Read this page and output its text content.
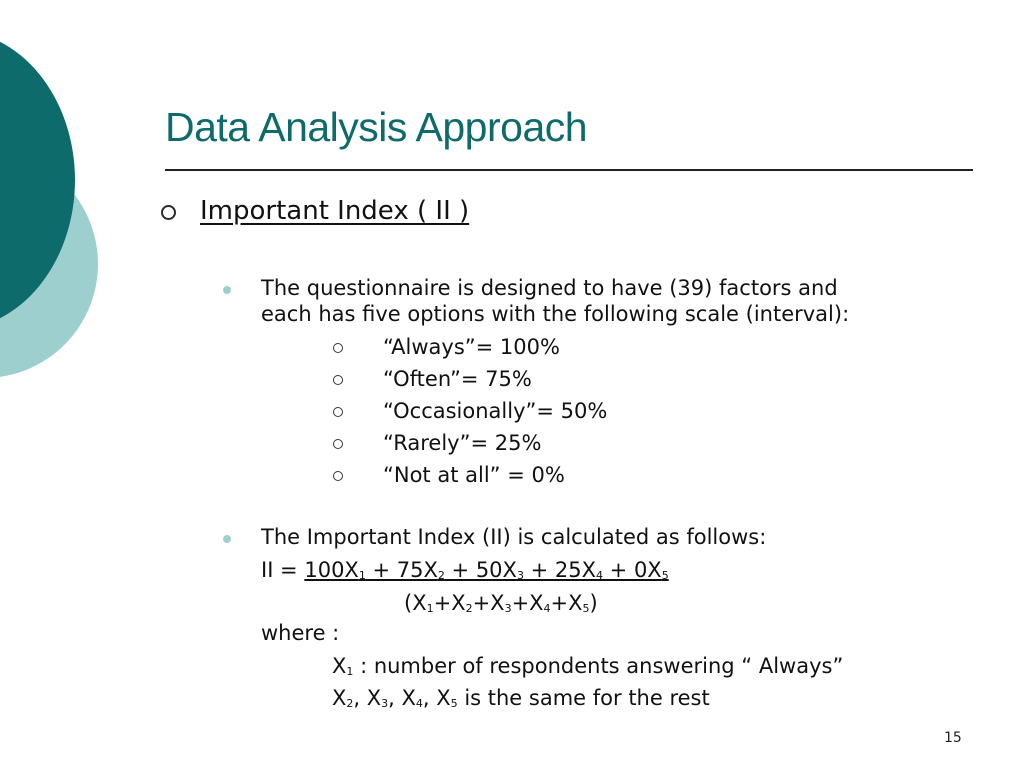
Data Analysis Approach
Important Index ( II )
The questionnaire is designed to have (39) factors and
each has five options with the following scale (interval):
“Always”= 100%
“Often”= 75%
“Occasionally”= 50%
“Rarely”= 25%
“Not at all” = 0%
The Important Index (II) is calculated as follows:
II = $100X_1 + 75X_2 + 50X_3 + 25X_4 + 0X_5$
$(X_1+X_2+X_3+X_4+X_5)$
where :
$X_1$ : number of respondents answering “ Always”
$X_2$, $X_3$, $X_4$, $X_5$ is the same for the rest
15
